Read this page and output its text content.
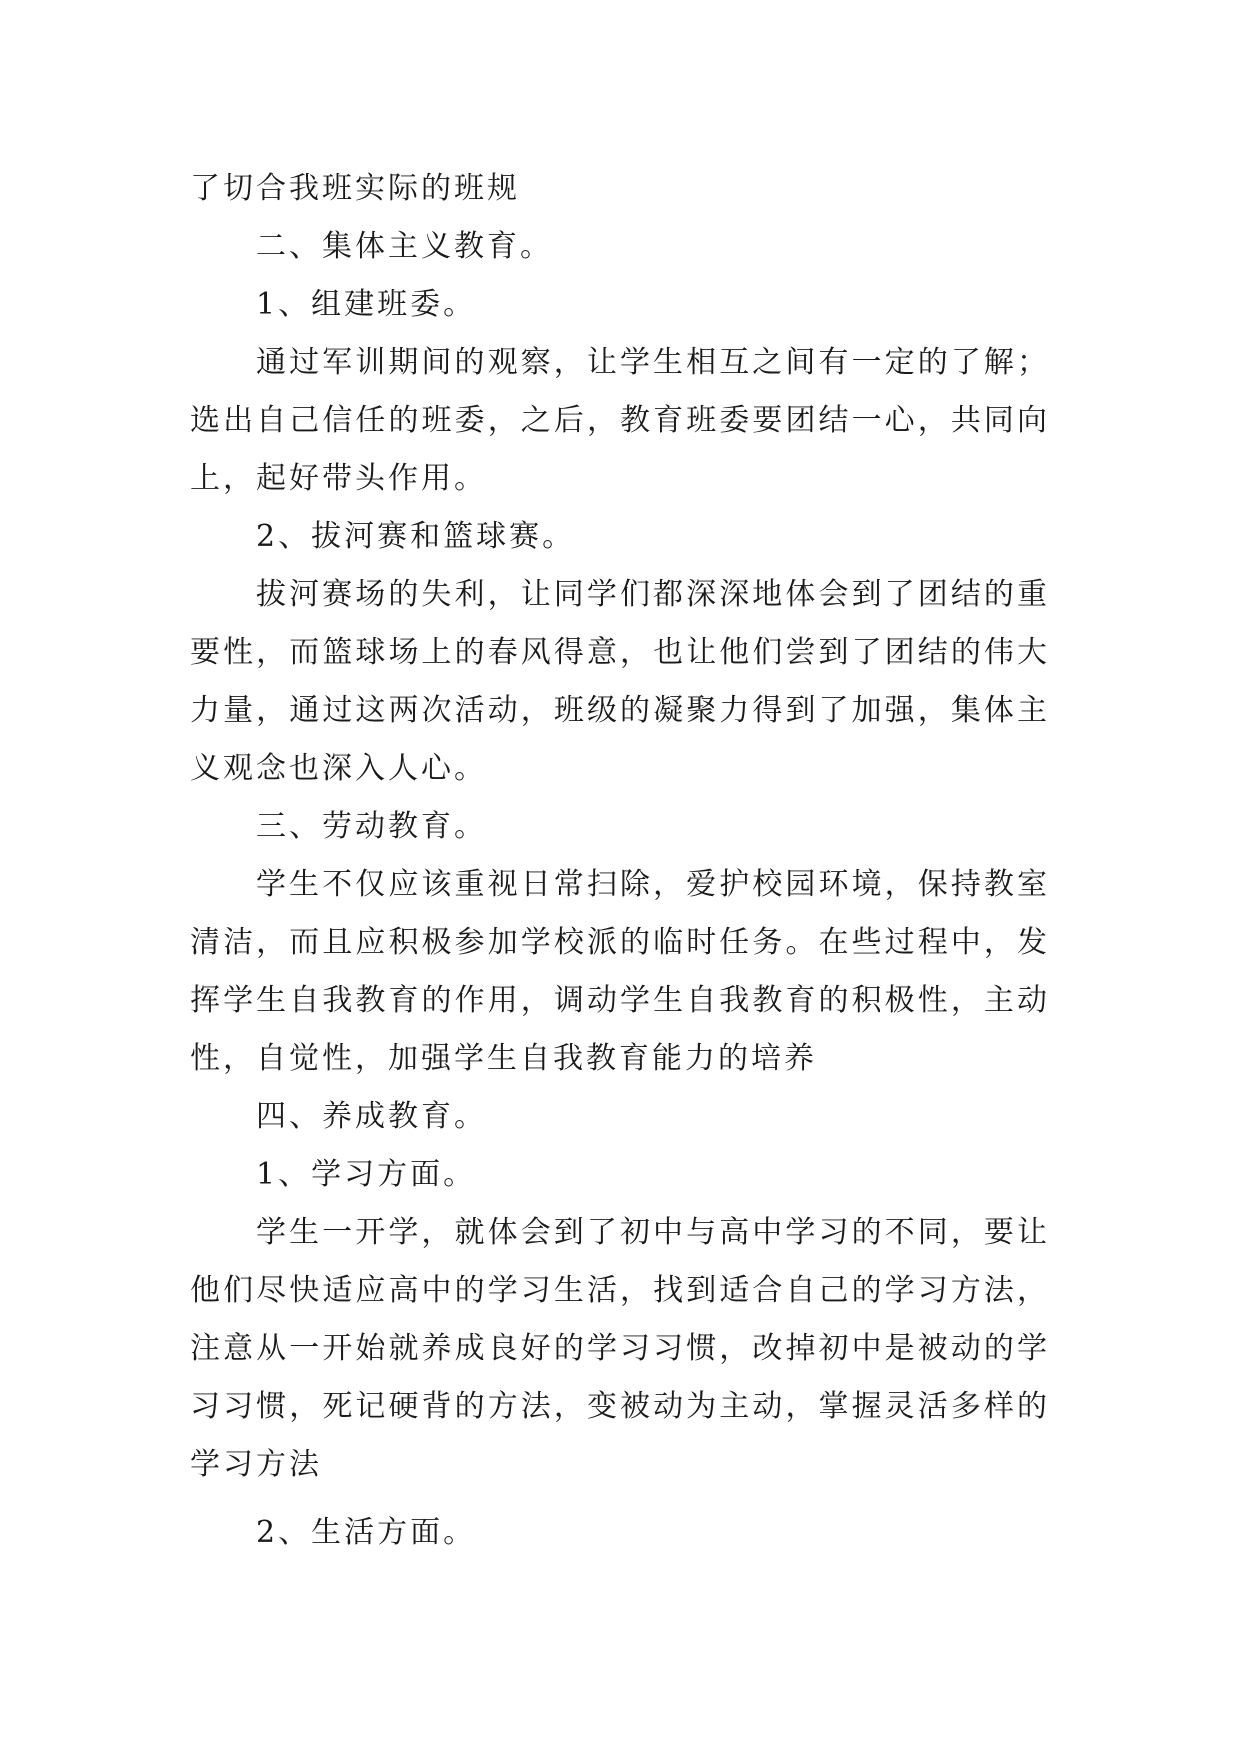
了切合我班实际的班规

二、集体主义教育。

1、组建班委。

通过军训期间的观察，让学生相互之间有一定的了解；选出自己信任的班委，之后，教育班委要团结一心，共同向上，起好带头作用。

2、拔河赛和篮球赛。

拔河赛场的失利，让同学们都深深地体会到了团结的重要性，而篮球场上的春风得意，也让他们尝到了团结的伟大力量，通过这两次活动，班级的凝聚力得到了加强，集体主义观念也深入人心。

三、劳动教育。

学生不仅应该重视日常扫除，爱护校园环境，保持教室清洁，而且应积极参加学校派的临时任务。在些过程中，发挥学生自我教育的作用，调动学生自我教育的积极性，主动性，自觉性，加强学生自我教育能力的培养

四、养成教育。

1、学习方面。

学生一开学，就体会到了初中与高中学习的不同，要让他们尽快适应高中的学习生活，找到适合自己的学习方法，注意从一开始就养成良好的学习习惯，改掉初中是被动的学习习惯，死记硬背的方法，变被动为主动，掌握灵活多样的学习方法

2、生活方面。
